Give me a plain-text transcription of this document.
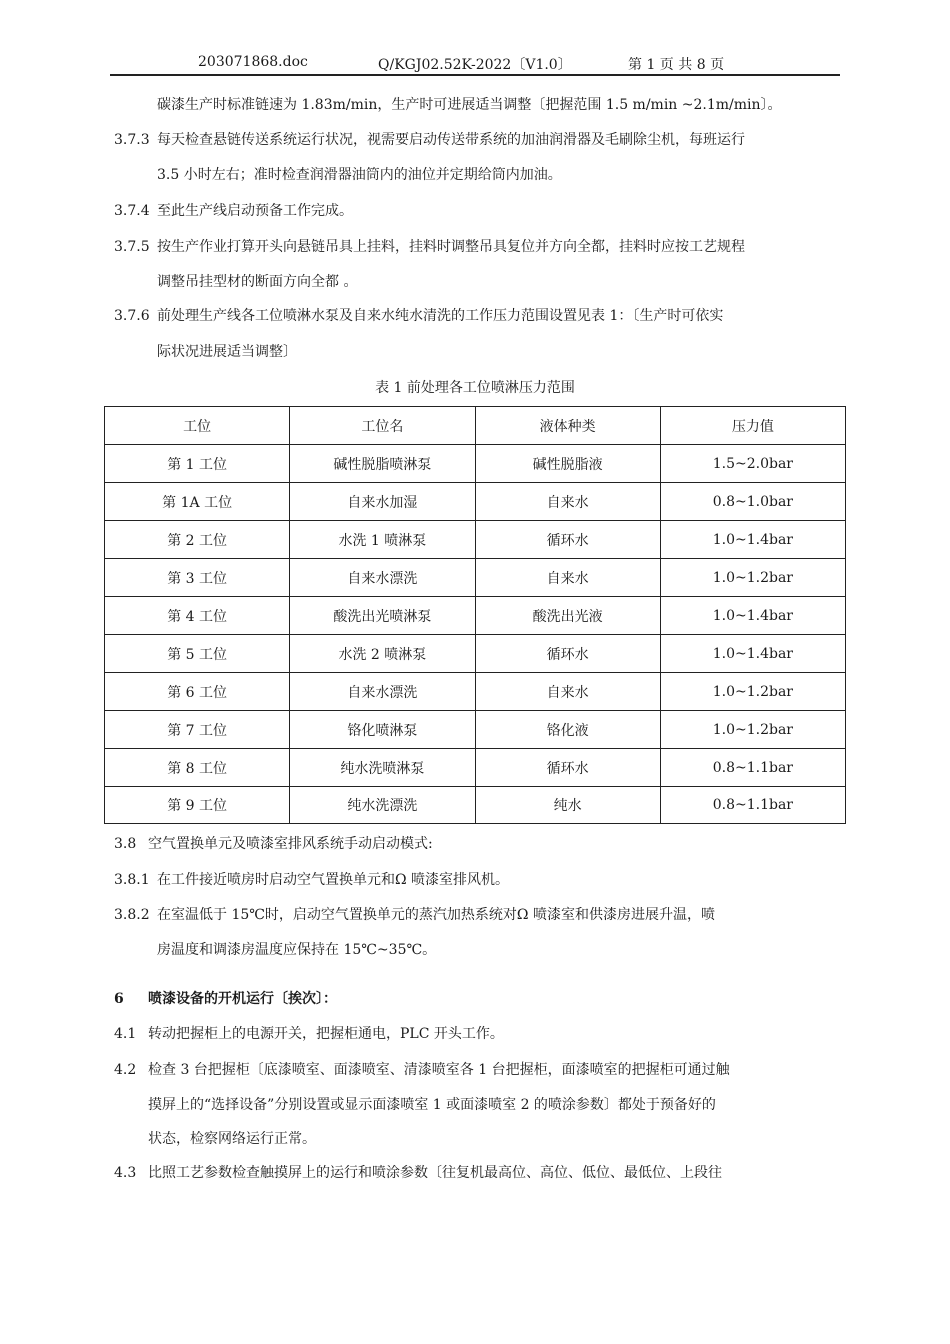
203071868.doc	Q/KGJ02.52K-2022〔V1.0〕	第 1 页 共 8 页
碳漆生产时标准链速为 1.83m/min，生产时可进展适当调整〔把握范围 1.5 m/min ~2.1m/min〕。
3.7.3 每天检查悬链传送系统运行状况，视需要启动传送带系统的加油润滑器及毛刷除尘机，每班运行
3.5 小时左右；准时检查润滑器油筒内的油位并定期给筒内加油。
3.7.4 至此生产线启动预备工作完成。
3.7.5 按生产作业打算开头向悬链吊具上挂料，挂料时调整吊具复位并方向全都，挂料时应按工艺规程
调整吊挂型材的断面方向全都 。
3.7.6 前处理生产线各工位喷淋水泵及自来水纯水清洗的工作压力范围设置见表 1：〔生产时可依实
际状况进展适当调整〕
表 1 前处理各工位喷淋压力范围
工位	工位名	液体种类	压力值
第 1 工位	碱性脱脂喷淋泵	碱性脱脂液	1.5~2.0bar
第 1A 工位	自来水加湿	自来水	0.8~1.0bar
第 2 工位	水洗 1 喷淋泵	循环水	1.0~1.4bar
第 3 工位	自来水漂洗	自来水	1.0~1.2bar
第 4 工位	酸洗出光喷淋泵	酸洗出光液	1.0~1.4bar
第 5 工位	水洗 2 喷淋泵	循环水	1.0~1.4bar
第 6 工位	自来水漂洗	自来水	1.0~1.2bar
第 7 工位	铬化喷淋泵	铬化液	1.0~1.2bar
第 8 工位	纯水洗喷淋泵	循环水	0.8~1.1bar
第 9 工位	纯水洗漂洗	纯水	0.8~1.1bar
3.8 空气置换单元及喷漆室排风系统手动启动模式:
3.8.1 在工件接近喷房时启动空气置换单元和Ω 喷漆室排风机。
3.8.2 在室温低于 15℃时，启动空气置换单元的蒸汽加热系统对Ω 喷漆室和供漆房进展升温，喷
房温度和调漆房温度应保持在 15℃~35℃。
6 喷漆设备的开机运行〔挨次〕：
4.1 转动把握柜上的电源开关，把握柜通电，PLC 开头工作。
4.2 检查 3 台把握柜〔底漆喷室、面漆喷室、清漆喷室各 1 台把握柜，面漆喷室的把握柜可通过触
摸屏上的“选择设备”分别设置或显示面漆喷室 1 或面漆喷室 2 的喷涂参数〕都处于预备好的
状态，检察网络运行正常。
4.3 比照工艺参数检查触摸屏上的运行和喷涂参数〔往复机最高位、高位、低位、最低位、上段往
